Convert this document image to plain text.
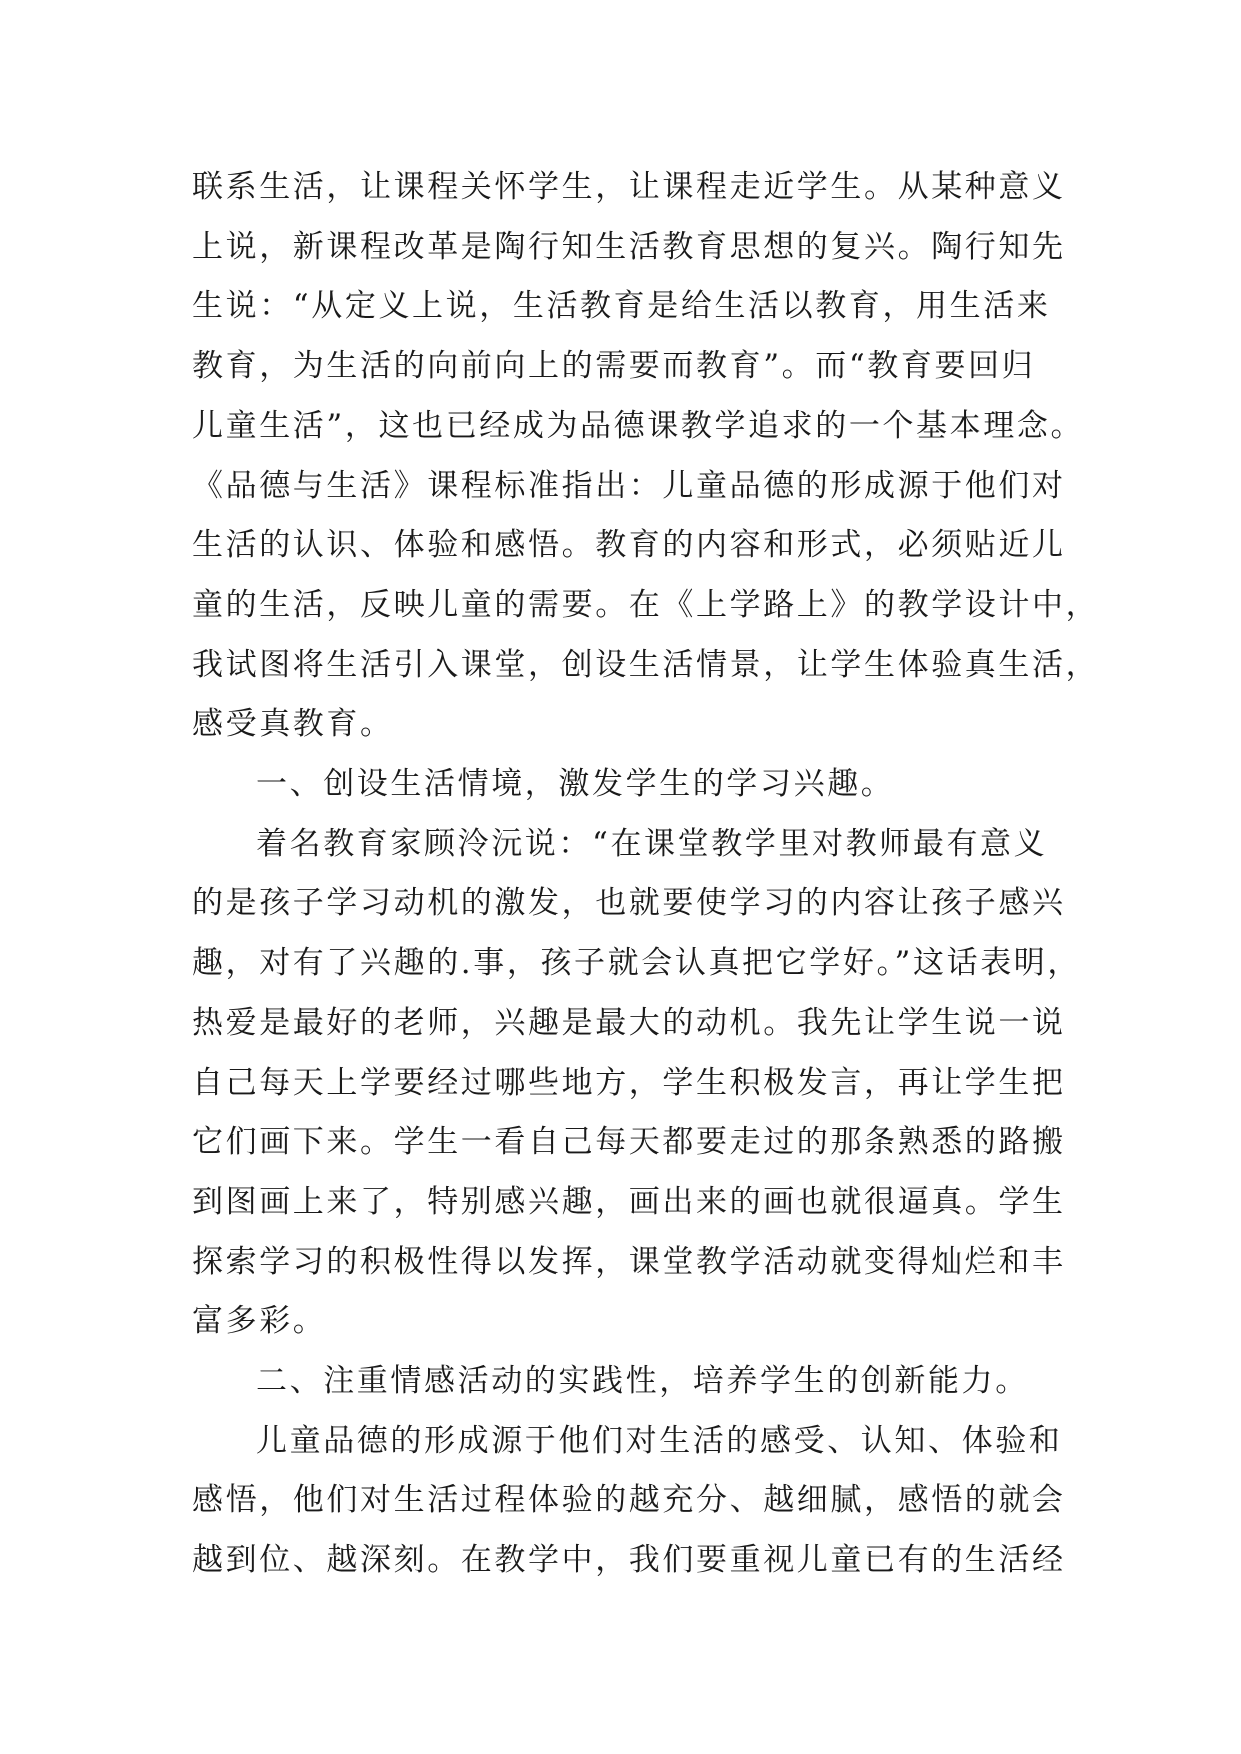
联系生活，让课程关怀学生，让课程走近学生。从某种意义
上说，新课程改革是陶行知生活教育思想的复兴。陶行知先
生说：“从定义上说，生活教育是给生活以教育，用生活来
教育，为生活的向前向上的需要而教育”。而“教育要回归
儿童生活”，这也已经成为品德课教学追求的一个基本理念。
《品德与生活》课程标准指出：儿童品德的形成源于他们对
生活的认识、体验和感悟。教育的内容和形式，必须贴近儿
童的生活，反映儿童的需要。在《上学路上》的教学设计中，
我试图将生活引入课堂，创设生活情景，让学生体验真生活，
感受真教育。
一、创设生活情境，激发学生的学习兴趣。
着名教育家顾泠沅说：“在课堂教学里对教师最有意义
的是孩子学习动机的激发，也就要使学习的内容让孩子感兴
趣，对有了兴趣的.事，孩子就会认真把它学好。”这话表明，
热爱是最好的老师，兴趣是最大的动机。我先让学生说一说
自己每天上学要经过哪些地方，学生积极发言，再让学生把
它们画下来。学生一看自己每天都要走过的那条熟悉的路搬
到图画上来了，特别感兴趣，画出来的画也就很逼真。学生
探索学习的积极性得以发挥，课堂教学活动就变得灿烂和丰
富多彩。
二、注重情感活动的实践性，培养学生的创新能力。
儿童品德的形成源于他们对生活的感受、认知、体验和
感悟，他们对生活过程体验的越充分、越细腻，感悟的就会
越到位、越深刻。在教学中，我们要重视儿童已有的生活经
